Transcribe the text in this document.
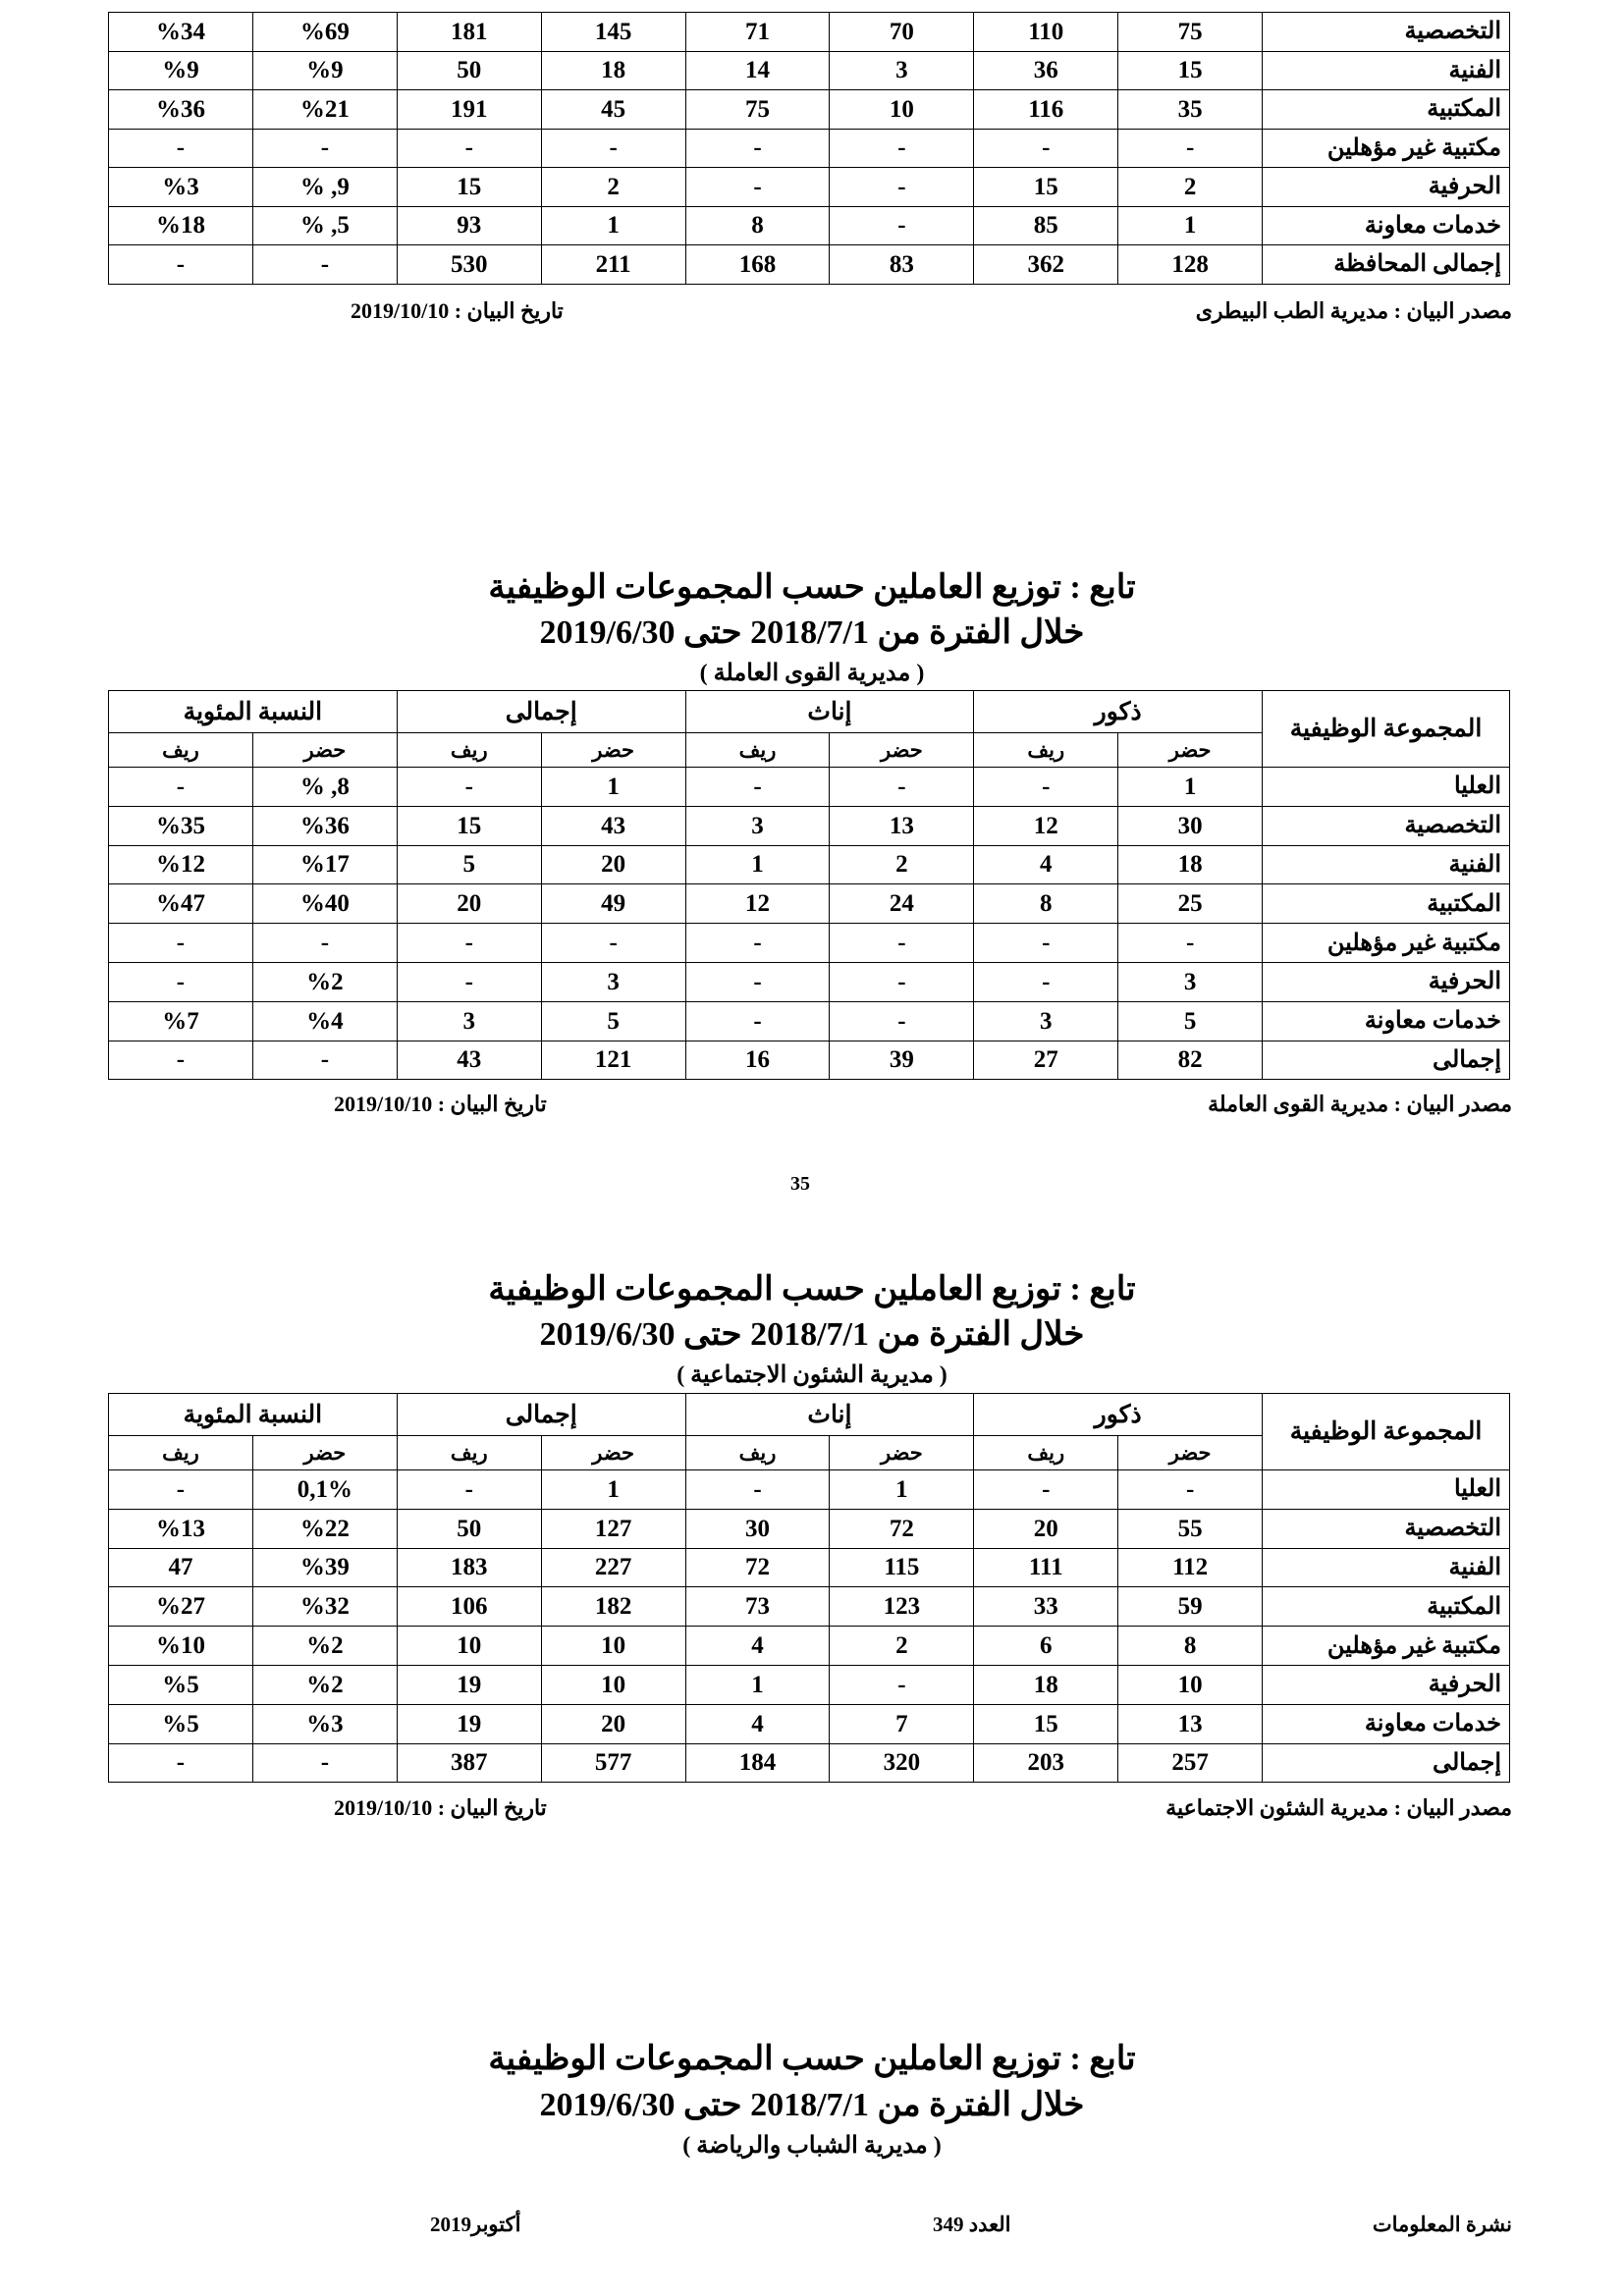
التخصصية	75	110	70	71	145	181	%69	%34
الفنية	15	36	3	14	18	50	%9	%9
المكتبية	35	116	10	75	45	191	%21	%36
مكتبية غير مؤهلين	-	-	-	-	-	-	-	-
الحرفية	2	15	-	-	2	15	9, %	%3
خدمات معاونة	1	85	-	8	1	93	5, %	%18
إجمالى المحافظة	128	362	83	168	211	530	-	-
مصدر البيان : مديرية الطب البيطرى
تاريخ البيان : 2019/10/10
تابع : توزيع العاملين حسب المجموعات الوظيفية
خلال الفترة من 2018/7/1 حتى 2019/6/30
( مديرية القوى العاملة )
المجموعة الوظيفية	ذكور		إناث		إجمالى		النسبة المئوية	
	حضر	ريف	حضر	ريف	حضر	ريف	حضر	ريف
العليا	1	-	-	-	1	-	8, %	-
التخصصية	30	12	13	3	43	15	%36	%35
الفنية	18	4	2	1	20	5	%17	%12
المكتبية	25	8	24	12	49	20	%40	%47
مكتبية غير مؤهلين	-	-	-	-	-	-	-	-
الحرفية	3	-	-	-	3	-	%2	-
خدمات معاونة	5	3	-	-	5	3	%4	%7
إجمالى	82	27	39	16	121	43	-	-
مصدر البيان : مديرية القوى العاملة
تاريخ البيان : 2019/10/10
35
تابع : توزيع العاملين حسب المجموعات الوظيفية
خلال الفترة من 2018/7/1 حتى 2019/6/30
( مديرية الشئون الاجتماعية )
المجموعة الوظيفية	ذكور		إناث		إجمالى		النسبة المئوية	
	حضر	ريف	حضر	ريف	حضر	ريف	حضر	ريف
العليا	-	-	1	-	1	-	0,1%	-
التخصصية	55	20	72	30	127	50	%22	%13
الفنية	112	111	115	72	227	183	%39	47
المكتبية	59	33	123	73	182	106	%32	%27
مكتبية غير مؤهلين	8	6	2	4	10	10	%2	%10
الحرفية	10	18	-	1	10	19	%2	%5
خدمات معاونة	13	15	7	4	20	19	%3	%5
إجمالى	257	203	320	184	577	387	-	-
مصدر البيان : مديرية الشئون الاجتماعية
تاريخ البيان : 2019/10/10
تابع : توزيع العاملين حسب المجموعات الوظيفية
خلال الفترة من 2018/7/1 حتى 2019/6/30
( مديرية الشباب والرياضة )
نشرة المعلومات
العدد 349
أكتوبر2019
